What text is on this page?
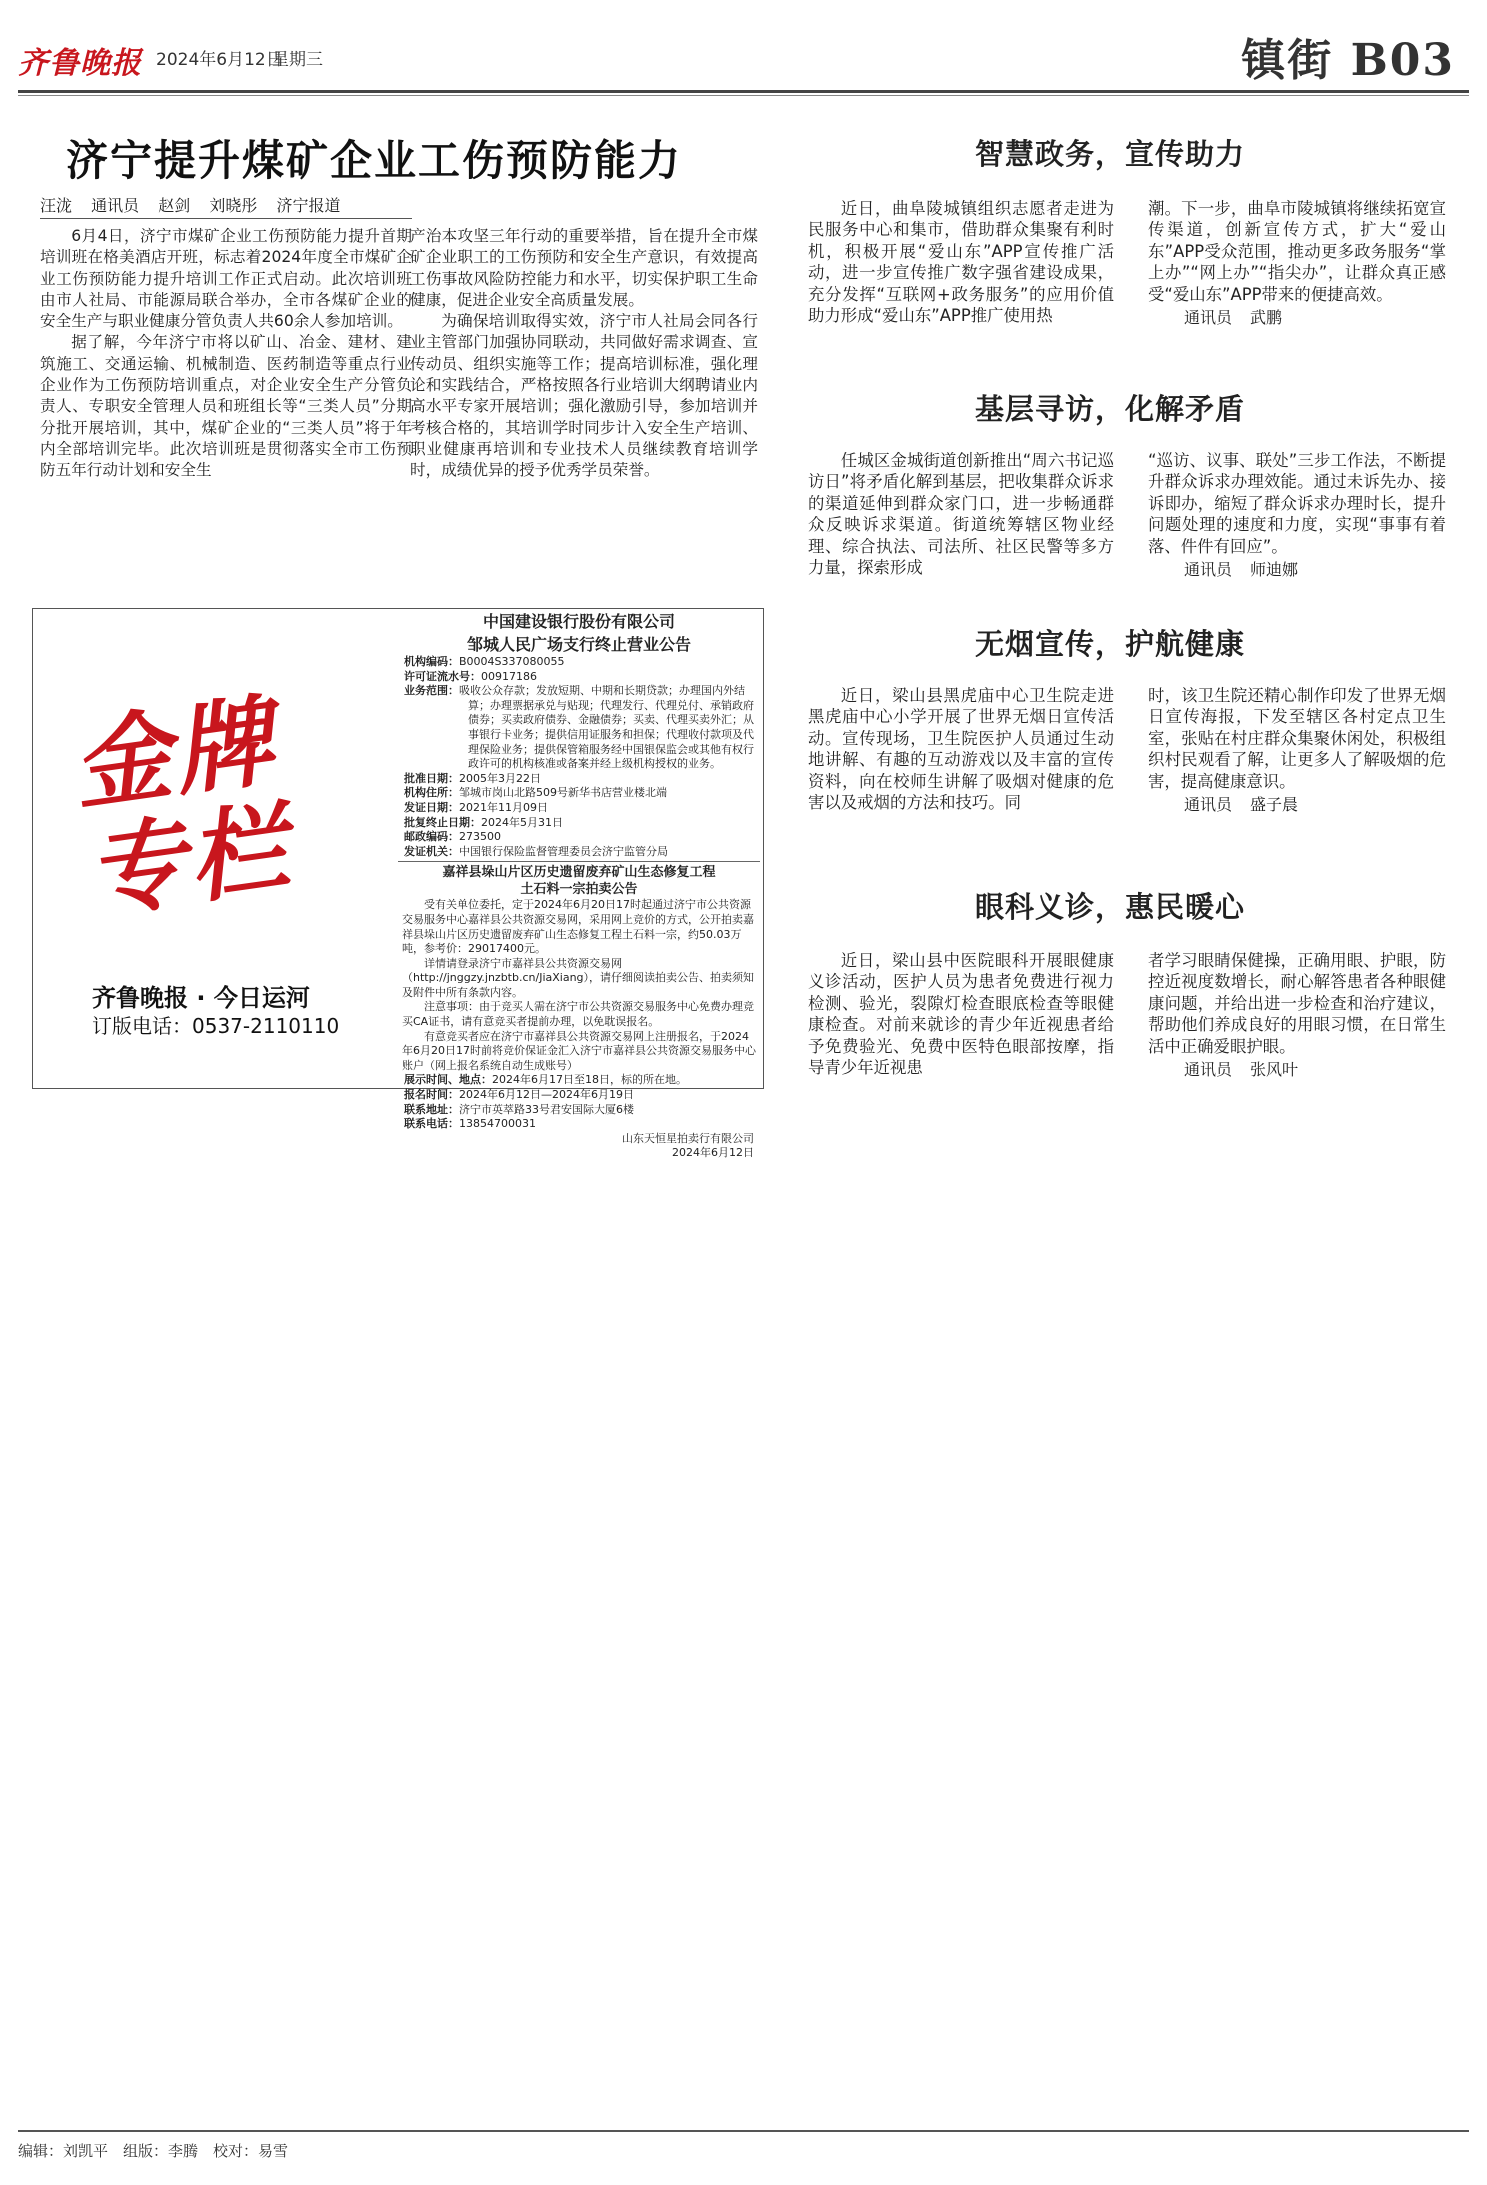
齐鲁晚报 2024年6月12日
星期三	镇街 B03
济宁提升煤矿企业工伤预防能力
汪泷 通讯员 赵剑 刘晓彤 济宁报道

6月4日，济宁市煤矿企业工伤预防能力提升首期培训班在格美酒店开班，标志着2024年度全市煤矿企业工伤预防能力提升培训工作正式启动。此次培训班由市人社局、市能源局联合举办，全市各煤矿企业的安全生产与职业健康分管负责人共60余人参加培训。

据了解，今年济宁市将以矿山、冶金、建材、建筑施工、交通运输、机械制造、医药制造等重点行业企业作为工伤预防培训重点，对企业安全生产分管负责人、专职安全管理人员和班组长等“三类人员”分期分批开展培训，其中，煤矿企业的“三类人员”将于年内全部培训完毕。此次培训班是贯彻落实全市工伤预防五年行动计划和安全生

产治本攻坚三年行动的重要举措，旨在提升全市煤矿企业职工的工伤预防和安全生产意识，有效提高工伤事故风险防控能力和水平，切实保护职工生命健康，促进企业安全高质量发展。

为确保培训取得实效，济宁市人社局会同各行业主管部门加强协同联动，共同做好需求调查、宣传动员、组织实施等工作；提高培训标准，强化理论和实践结合，严格按照各行业培训大纲聘请业内高水平专家开展培训；强化激励引导，参加培训并考核合格的，其培训学时同步计入安全生产培训、职业健康再培训和专业技术人员继续教育培训学时，成绩优异的授予优秀学员荣誉。

金牌
专栏
齐鲁晚报 · 今日运河
订版电话：0537-2110110
中国建设银行股份有限公司
邹城人民广场支行终止营业公告
机构编码：B0004S337080055
许可证流水号：00917186
业务范围：吸收公众存款；发放短期、中期和长期贷款；办理国内外结算；办理票据承兑与贴现；代理发行、代理兑付、承销政府债券；买卖政府债券、金融债券；买卖、代理买卖外汇；从事银行卡业务；提供信用证服务和担保；代理收付款项及代理保险业务；提供保管箱服务经中国银保监会或其他有权行政许可的机构核准或备案并经上级机构授权的业务。
批准日期：2005年3月22日
机构住所：邹城市岗山北路509号新华书店营业楼北端
发证日期：2021年11月09日
批复终止日期：2024年5月31日
邮政编码：273500
发证机关：中国银行保险监督管理委员会济宁监管分局
嘉祥县垛山片区历史遗留废弃矿山生态修复工程
土石料一宗拍卖公告

受有关单位委托，定于2024年6月20日17时起通过济宁市公共资源交易服务中心嘉祥县公共资源交易网，采用网上竞价的方式，公开拍卖嘉祥县垛山片区历史遗留废弃矿山生态修复工程土石料一宗，约50.03万吨，参考价：29017400元。

详情请登录济宁市嘉祥县公共资源交易网（http://jnggzy.jnzbtb.cn/JiaXiang），请仔细阅读拍卖公告、拍卖须知及附件中所有条款内容。

注意事项：由于竞买人需在济宁市公共资源交易服务中心免费办理竞买CA证书，请有意竞买者提前办理，以免耽误报名。

有意竞买者应在济宁市嘉祥县公共资源交易网上注册报名，于2024年6月20日17时前将竞价保证金汇入济宁市嘉祥县公共资源交易服务中心账户（网上报名系统自动生成账号）

展示时间、地点：2024年6月17日至18日，标的所在地。
报名时间：2024年6月12日—2024年6月19日
联系地址：济宁市英萃路33号君安国际大厦6楼
联系电话：13854700031
山东天恒星拍卖行有限公司
2024年6月12日
智慧政务，宣传助力

近日，曲阜陵城镇组织志愿者走进为民服务中心和集市，借助群众集聚有利时机，积极开展“爱山东”APP宣传推广活动，进一步宣传推广数字强省建设成果，充分发挥“互联网+政务服务”的应用价值助力形成“爱山东”APP推广使用热

潮。下一步，曲阜市陵城镇将继续拓宽宣传渠道，创新宣传方式，扩大“爱山东”APP受众范围，推动更多政务服务“掌上办”“网上办”“指尖办”，让群众真正感受“爱山东”APP带来的便捷高效。
通讯员 武鹏
基层寻访，化解矛盾

任城区金城街道创新推出“周六书记巡访日”将矛盾化解到基层，把收集群众诉求的渠道延伸到群众家门口，进一步畅通群众反映诉求渠道。街道统筹辖区物业经理、综合执法、司法所、社区民警等多方力量，探索形成

“巡访、议事、联处”三步工作法，不断提升群众诉求办理效能。通过未诉先办、接诉即办，缩短了群众诉求办理时长，提升问题处理的速度和力度，实现“事事有着落、件件有回应”。
通讯员 师迪娜
无烟宣传，护航健康

近日，梁山县黑虎庙中心卫生院走进黑虎庙中心小学开展了世界无烟日宣传活动。宣传现场，卫生院医护人员通过生动地讲解、有趣的互动游戏以及丰富的宣传资料，向在校师生讲解了吸烟对健康的危害以及戒烟的方法和技巧。同

时，该卫生院还精心制作印发了世界无烟日宣传海报，下发至辖区各村定点卫生室，张贴在村庄群众集聚休闲处，积极组织村民观看了解，让更多人了解吸烟的危害，提高健康意识。
通讯员 盛子晨
眼科义诊，惠民暖心

近日，梁山县中医院眼科开展眼健康义诊活动，医护人员为患者免费进行视力检测、验光，裂隙灯检查眼底检查等眼健康检查。对前来就诊的青少年近视患者给予免费验光、免费中医特色眼部按摩，指导青少年近视患

者学习眼睛保健操，正确用眼、护眼，防控近视度数增长，耐心解答患者各种眼健康问题，并给出进一步检查和治疗建议，帮助他们养成良好的用眼习惯，在日常生活中正确爱眼护眼。
通讯员 张风叶
编辑：刘凯平　组版：李腾　校对：易雪
